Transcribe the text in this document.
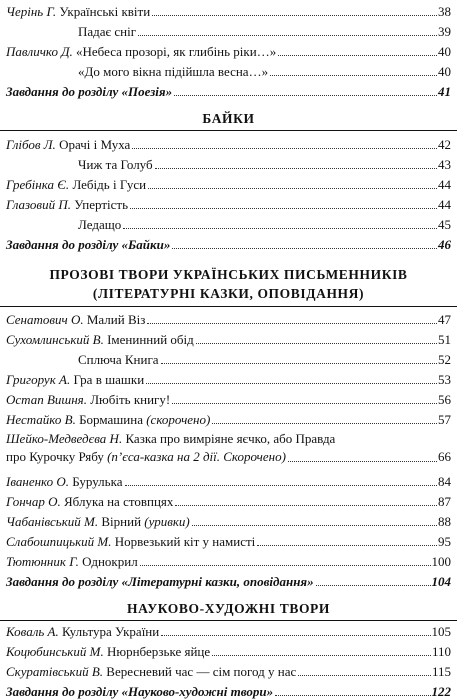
Черінь Г. Українські квіти	38
Падає сніг	39
Павличко Д. «Небеса прозорі, як глибінь ріки…»	40
«До мого вікна підійшла весна…»	40
Завдання до розділу «Поезія»	41
БАЙКИ
Глібов Л. Орачі і Муха	42
Чиж та Голуб	43
Гребінка Є. Лебідь і Гуси	44
Глазовий П. Упертість	44
Ледащо	45
Завдання до розділу «Байки»	46
ПРОЗОВІ ТВОРИ УКРАЇНСЬКИХ ПИСЬМЕННИКІВ
(ЛІТЕРАТУРНІ КАЗКИ, ОПОВІДАННЯ)
Сенатович О. Малий Віз	47
Сухомлинський В. Іменинний обід	51
Сплюча Книга	52
Григорук А. Гра в шашки	53
Остап Вишня. Любіть книгу!	56
Нестайко В. Бормашина (скорочено)	57
Шейко-Медведєва Н. Казка про вимріяне яєчко, або Правда
про Курочку Рябу (п’єса-казка на 2 дії. Скорочено)	66
Іваненко О. Бурулька	84
Гончар О. Яблука на стовпцях	87
Чабанівський М. Вірний (уривки)	88
Слабошпицький М. Норвезький кіт у намисті	95
Тютюнник Г. Однокрил	100
Завдання до розділу «Літературні казки, оповідання»	104
НАУКОВО-ХУДОЖНІ ТВОРИ
Коваль А. Культура України	105
Коцюбинський М. Нюрнберзьке яйце	110
Скуратівський В. Вересневий час — сім погод у нас	115
Завдання до розділу «Науково-художні твори»	122
